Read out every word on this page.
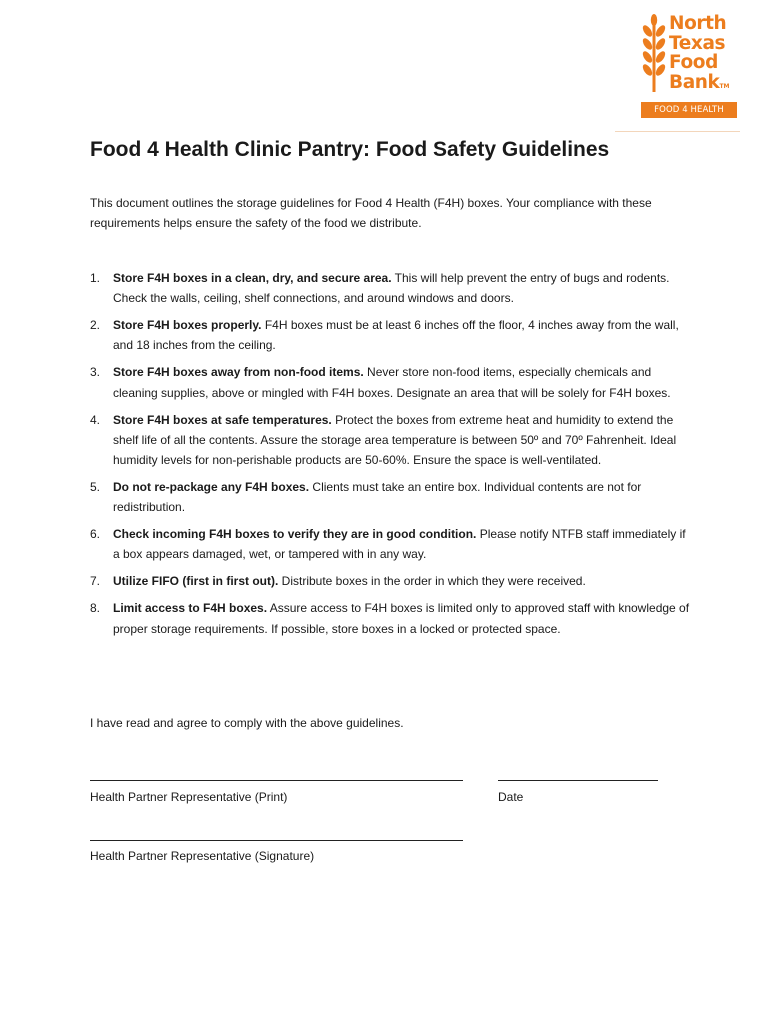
North
Texas
Food
BankTM
FOOD 4 HEALTH
Food 4 Health Clinic Pantry: Food Safety Guidelines

This document outlines the storage guidelines for Food 4 Health (F4H) boxes. Your compliance with these requirements helps ensure the safety of the food we distribute.

1. Store F4H boxes in a clean, dry, and secure area. This will help prevent the entry of bugs and rodents. Check the walls, ceiling, shelf connections, and around windows and doors.
2. Store F4H boxes properly. F4H boxes must be at least 6 inches off the floor, 4 inches away from the wall, and 18 inches from the ceiling.
3. Store F4H boxes away from non-food items. Never store non-food items, especially chemicals and cleaning supplies, above or mingled with F4H boxes. Designate an area that will be solely for F4H boxes.
4. Store F4H boxes at safe temperatures. Protect the boxes from extreme heat and humidity to extend the shelf life of all the contents. Assure the storage area temperature is between 50º and 70º Fahrenheit. Ideal humidity levels for non-perishable products are 50-60%. Ensure the space is well-ventilated.
5. Do not re-package any F4H boxes. Clients must take an entire box. Individual contents are not for redistribution.
6. Check incoming F4H boxes to verify they are in good condition. Please notify NTFB staff immediately if a box appears damaged, wet, or tampered with in any way.
7. Utilize FIFO (first in first out). Distribute boxes in the order in which they were received.
8. Limit access to F4H boxes. Assure access to F4H boxes is limited only to approved staff with knowledge of proper storage requirements. If possible, store boxes in a locked or protected space.

I have read and agree to comply with the above guidelines.

Health Partner Representative (Print)	Date
Health Partner Representative (Signature)
